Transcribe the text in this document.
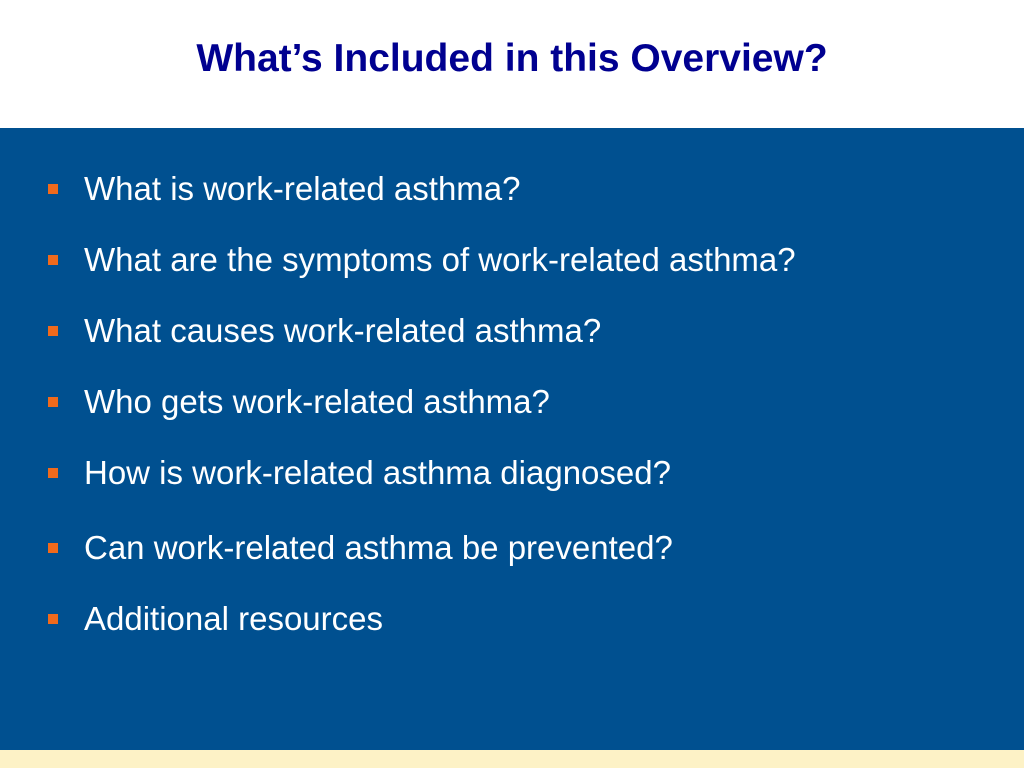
What’s Included in this Overview?
What is work-related asthma?
What are the symptoms of work-related asthma?
What causes work-related asthma?
Who gets work-related asthma?
How is work-related asthma diagnosed?
Can work-related asthma be prevented?
Additional resources
